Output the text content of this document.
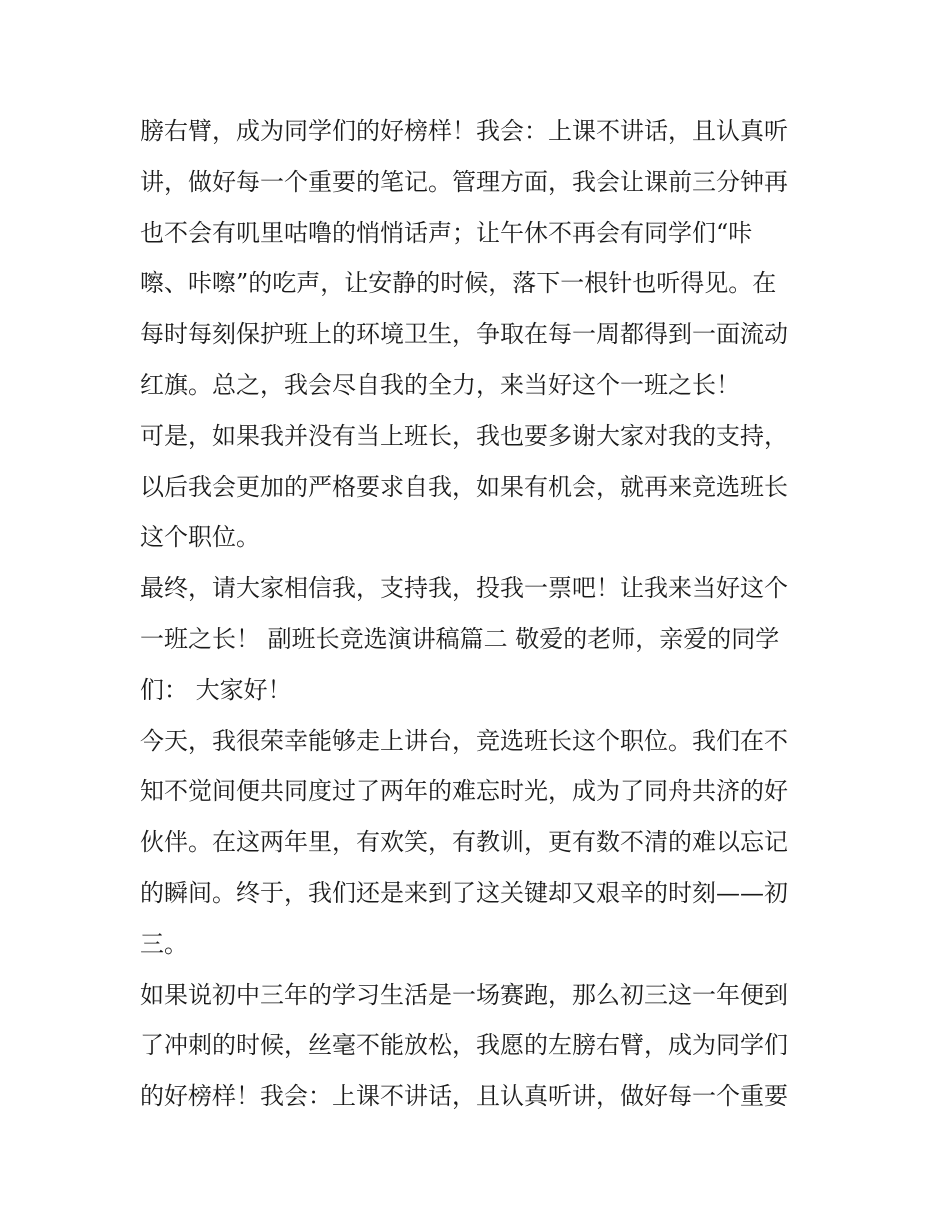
膀右臂，成为同学们的好榜样！我会：上课不讲话，且认真听
讲，做好每一个重要的笔记。管理方面，我会让课前三分钟再
也不会有叽里咕噜的悄悄话声；让午休不再会有同学们“咔
嚓、咔嚓”的吃声，让安静的时候，落下一根针也听得见。在
每时每刻保护班上的环境卫生，争取在每一周都得到一面流动
红旗。总之，我会尽自我的全力，来当好这个一班之长！
可是，如果我并没有当上班长，我也要多谢大家对我的支持，
以后我会更加的严格要求自我，如果有机会，就再来竞选班长
这个职位。
最终，请大家相信我，支持我，投我一票吧！让我来当好这个
一班之长！ 副班长竞选演讲稿篇二 敬爱的老师，亲爱的同学
们： 大家好！
今天，我很荣幸能够走上讲台，竞选班长这个职位。我们在不
知不觉间便共同度过了两年的难忘时光，成为了同舟共济的好
伙伴。在这两年里，有欢笑，有教训，更有数不清的难以忘记
的瞬间。终于，我们还是来到了这关键却又艰辛的时刻——初
三。
如果说初中三年的学习生活是一场赛跑，那么初三这一年便到
了冲刺的时候，丝毫不能放松，我愿的左膀右臂，成为同学们
的好榜样！我会：上课不讲话，且认真听讲，做好每一个重要
